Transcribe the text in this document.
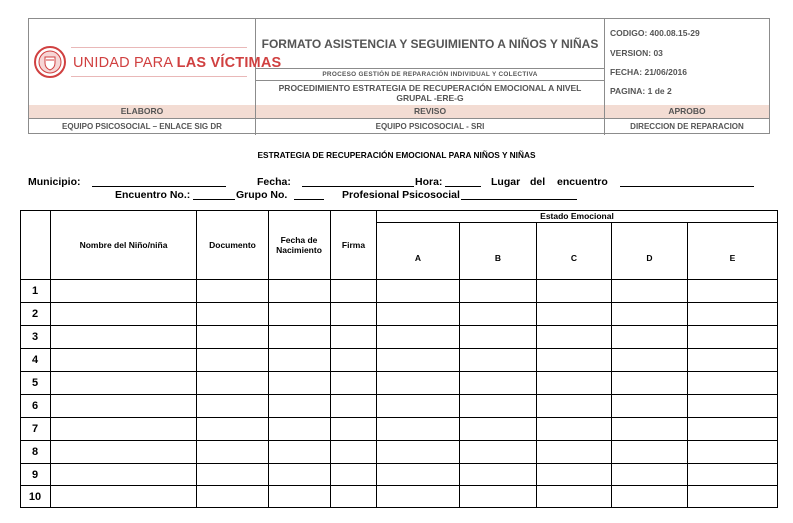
UNIDAD PARA LAS VÍCTIMAS
FORMATO ASISTENCIA Y SEGUIMIENTO A NIÑOS Y NIÑAS
PROCESO GESTIÓN DE REPARACIÓN INDIVIDUAL Y COLECTIVA
PROCEDIMIENTO ESTRATEGIA DE RECUPERACIÓN EMOCIONAL A NIVEL GRUPAL -ERE-G
CODIGO: 400.08.15-29
VERSION: 03
FECHA: 21/06/2016
PAGINA: 1 de 2
ELABORO	REVISO	APROBO
EQUIPO PSICOSOCIAL – ENLACE SIG DR	EQUIPO PSICOSOCIAL - SRI	DIRECCION DE REPARACION
ESTRATEGIA DE RECUPERACIÓN EMOCIONAL PARA NIÑOS Y NIÑAS
Municipio:	Fecha:	Hora:	Lugar del encuentro
Encuentro No.:	Grupo No.	Profesional Psicosocial
Nombre del Niño/niña	Documento	Fecha de Nacimiento	Firma
Estado Emocional
A	B	C	D	E
1
2
3
4
5
6
7
8
9
10
